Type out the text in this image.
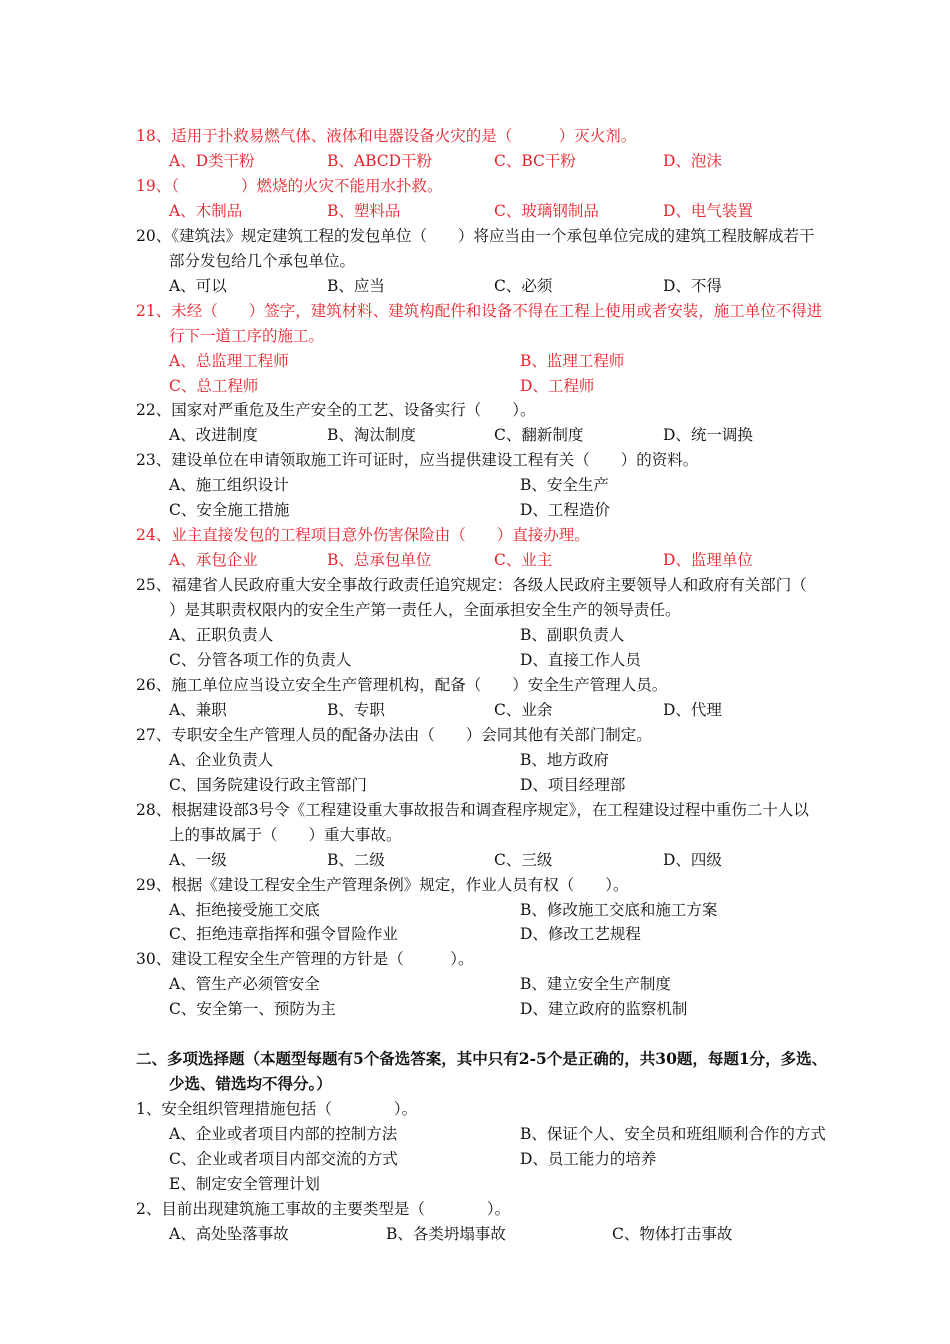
18、适用于扑救易燃气体、液体和电器设备火灾的是（　　　）灭火剂。
A、D类干粉	B、ABCD干粉	C、BC干粉	D、泡沫
19、（　　　　）燃烧的火灾不能用水扑救。
A、木制品	B、塑料品	C、玻璃钢制品	D、电气装置
20、《建筑法》规定建筑工程的发包单位（　　）将应当由一个承包单位完成的建筑工程肢解成若干
部分发包给几个承包单位。
A、可以	B、应当	C、必须	D、不得
21、未经（　　）签字，建筑材料、建筑构配件和设备不得在工程上使用或者安装，施工单位不得进
行下一道工序的施工。
A、总监理工程师	B、监理工程师
C、总工程师	D、工程师
22、国家对严重危及生产安全的工艺、设备实行（　　）。
A、改进制度	B、淘汰制度	C、翻新制度	D、统一调换
23、建设单位在申请领取施工许可证时，应当提供建设工程有关（　　）的资料。
A、施工组织设计	B、安全生产
C、安全施工措施	D、工程造价
24、业主直接发包的工程项目意外伤害保险由（　　）直接办理。
A、承包企业	B、总承包单位	C、业主	D、监理单位
25、福建省人民政府重大安全事故行政责任追究规定：各级人民政府主要领导人和政府有关部门（
）是其职责权限内的安全生产第一责任人，全面承担安全生产的领导责任。
A、正职负责人	B、副职负责人
C、分管各项工作的负责人	D、直接工作人员
26、施工单位应当设立安全生产管理机构，配备（　　）安全生产管理人员。
A、兼职	B、专职	C、业余	D、代理
27、专职安全生产管理人员的配备办法由（　　）会同其他有关部门制定。
A、企业负责人	B、地方政府
C、国务院建设行政主管部门	D、项目经理部
28、根据建设部3号令《工程建设重大事故报告和调查程序规定》，在工程建设过程中重伤二十人以
上的事故属于（　　）重大事故。
A、一级	B、二级	C、三级	D、四级
29、根据《建设工程安全生产管理条例》规定，作业人员有权（　　）。
A、拒绝接受施工交底	B、修改施工交底和施工方案
C、拒绝违章指挥和强令冒险作业	D、修改工艺规程
30、建设工程安全生产管理的方针是（　　　）。
A、管生产必须管安全	B、建立安全生产制度
C、安全第一、预防为主	D、建立政府的监察机制
二、多项选择题（本题型每题有5个备选答案，其中只有2-5个是正确的，共30题，每题1分，多选、
少选、错选均不得分。）
1、安全组织管理措施包括（　　　　）。
A、企业或者项目内部的控制方法	B、保证个人、安全员和班组顺利合作的方式
C、企业或者项目内部交流的方式	D、员工能力的培养
E、制定安全管理计划
2、目前出现建筑施工事故的主要类型是（　　　　）。
A、高处坠落事故	B、各类坍塌事故	C、物体打击事故
